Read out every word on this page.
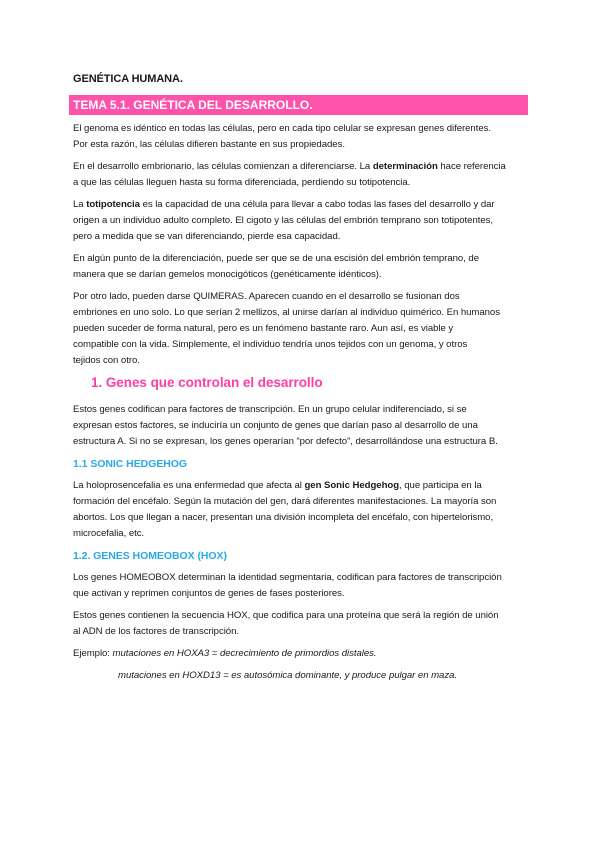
GENÉTICA HUMANA.
TEMA 5.1. GENÉTICA DEL DESARROLLO.
El genoma es idéntico en todas las células, pero en cada tipo celular se expresan genes diferentes.
Por esta razón, las células difieren bastante en sus propiedades.
En el desarrollo embrionario, las células comienzan a diferenciarse. La determinación hace referencia
a que las células lleguen hasta su forma diferenciada, perdiendo su totipotencia.
La totipotencia es la capacidad de una célula para llevar a cabo todas las fases del desarrollo y dar
origen a un individuo adulto completo. El cigoto y las células del embrión temprano son totipotentes,
pero a medida que se van diferenciando, pierde esa capacidad.
En algún punto de la diferenciación, puede ser que se de una escisión del embrión temprano, de
manera que se darían gemelos monocigóticos (genéticamente idénticos).
Por otro lado, pueden darse QUIMERAS. Aparecen cuando en el desarrollo se fusionan dos
embriones en uno solo. Lo que serían 2 mellizos, al unirse darían al individuo quimérico. En humanos
pueden suceder de forma natural, pero es un fenómeno bastante raro. Aun así, es viable y
compatible con la vida. Simplemente, el individuo tendría unos tejidos con un genoma, y otros
tejidos con otro.
1. Genes que controlan el desarrollo
Estos genes codifican para factores de transcripción. En un grupo celular indiferenciado, si se
expresan estos factores, se induciría un conjunto de genes que darían paso al desarrollo de una
estructura A. Si no se expresan, los genes operarían “por defecto”, desarrollándose una estructura B.
1.1 SONIC HEDGEHOG
La holoprosencefalia es una enfermedad que afecta al gen Sonic Hedgehog, que participa en la
formación del encéfalo. Según la mutación del gen, dará diferentes manifestaciones. La mayoría son
abortos. Los que llegan a nacer, presentan una división incompleta del encéfalo, con hipertelorismo,
microcefalia, etc.
1.2. GENES HOMEOBOX (HOX)
Los genes HOMEOBOX determinan la identidad segmentaria, codifican para factores de transcripción
que activan y reprimen conjuntos de genes de fases posteriores.
Estos genes contienen la secuencia HOX, que codifica para una proteína que será la región de unión
al ADN de los factores de transcripción.
Ejemplo: mutaciones en HOXA3 = decrecimiento de primordios distales.
mutaciones en HOXD13 = es autosómica dominante, y produce pulgar en maza.
